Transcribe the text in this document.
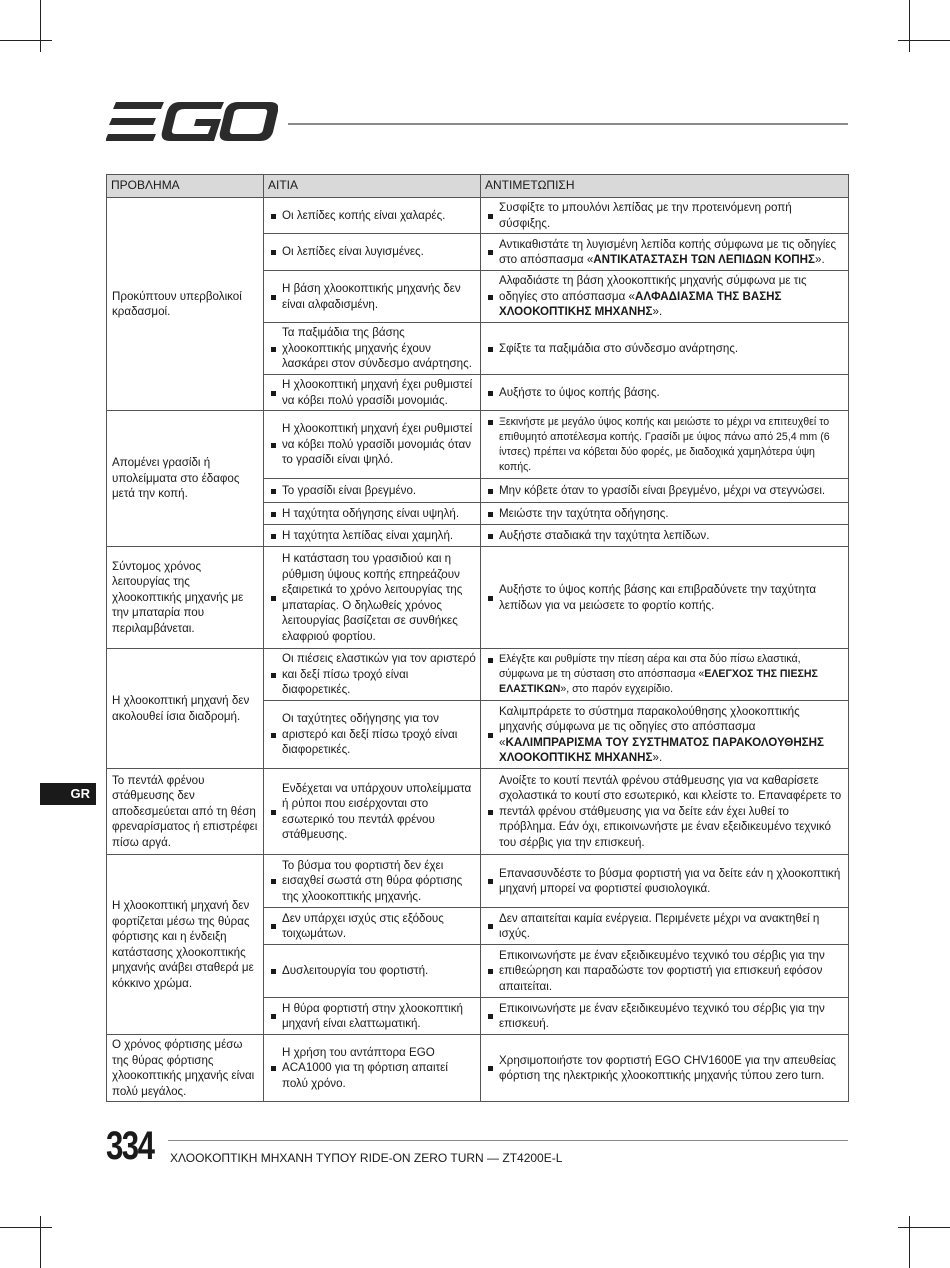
ΠΡΟΒΛΗΜΑ	ΑΙΤΙΑ	ΑΝΤΙΜΕΤΩΠΙΣΗ
Προκύπτουν υπερβολικοί κραδασμοί.	Οι λεπίδες κοπής είναι χαλαρές.	Συσφίξτε το μπουλόνι λεπίδας με την προτεινόμενη ροπή σύσφιξης.
	Οι λεπίδες είναι λυγισμένες.	Αντικαθιστάτε τη λυγισμένη λεπίδα κοπής σύμφωνα με τις οδηγίες στο απόσπασμα «ΑΝΤΙΚΑΤΑΣΤΑΣΗ ΤΩΝ ΛΕΠΙΔΩΝ ΚΟΠΗΣ».
	Η βάση χλοοκοπτικής μηχανής δεν είναι αλφαδισμένη.	Αλφαδιάστε τη βάση χλοοκοπτικής μηχανής σύμφωνα με τις οδηγίες στο απόσπασμα «ΑΛΦΑΔΙΑΣΜΑ ΤΗΣ ΒΑΣΗΣ ΧΛΟΟΚΟΠΤΙΚΗΣ ΜΗΧΑΝΗΣ».
	Τα παξιμάδια της βάσης χλοοκοπτικής μηχανής έχουν λασκάρει στον σύνδεσμο ανάρτησης.	Σφίξτε τα παξιμάδια στο σύνδεσμο ανάρτησης.
	Η χλοοκοπτική μηχανή έχει ρυθμιστεί να κόβει πολύ γρασίδι μονομιάς.	Αυξήστε το ύψος κοπής βάσης.
Απομένει γρασίδι ή υπολείμματα στο έδαφος μετά την κοπή.	Η χλοοκοπτική μηχανή έχει ρυθμιστεί να κόβει πολύ γρασίδι μονομιάς όταν το γρασίδι είναι ψηλό.	Ξεκινήστε με μεγάλο ύψος κοπής και μειώστε το μέχρι να επιτευχθεί το επιθυμητό αποτέλεσμα κοπής. Γρασίδι με ύψος πάνω από 25,4 mm (6 ίντσες) πρέπει να κόβεται δύο φορές, με διαδοχικά χαμηλότερα ύψη κοπής.
	Το γρασίδι είναι βρεγμένο.	Μην κόβετε όταν το γρασίδι είναι βρεγμένο, μέχρι να στεγνώσει.
	Η ταχύτητα οδήγησης είναι υψηλή.	Μειώστε την ταχύτητα οδήγησης.
	Η ταχύτητα λεπίδας είναι χαμηλή.	Αυξήστε σταδιακά την ταχύτητα λεπίδων.
Σύντομος χρόνος λειτουργίας της χλοοκοπτικής μηχανής με την μπαταρία που περιλαμβάνεται.	Η κατάσταση του γρασιδιού και η ρύθμιση ύψους κοπής επηρεάζουν εξαιρετικά το χρόνο λειτουργίας της μπαταρίας. Ο δηλωθείς χρόνος λειτουργίας βασίζεται σε συνθήκες ελαφριού φορτίου.	Αυξήστε το ύψος κοπής βάσης και επιβραδύνετε την ταχύτητα λεπίδων για να μειώσετε το φορτίο κοπής.
Η χλοοκοπτική μηχανή δεν ακολουθεί ίσια διαδρομή.	Οι πιέσεις ελαστικών για τον αριστερό και δεξί πίσω τροχό είναι διαφορετικές.	Ελέγξτε και ρυθμίστε την πίεση αέρα και στα δύο πίσω ελαστικά, σύμφωνα με τη σύσταση στο απόσπασμα «ΕΛΕΓΧΟΣ ΤΗΣ ΠΙΕΣΗΣ ΕΛΑΣΤΙΚΩΝ», στο παρόν εγχειρίδιο.
	Οι ταχύτητες οδήγησης για τον αριστερό και δεξί πίσω τροχό είναι διαφορετικές.	Καλιμπράρετε το σύστημα παρακολούθησης χλοοκοπτικής μηχανής σύμφωνα με τις οδηγίες στο απόσπασμα «ΚΑΛΙΜΠΡΑΡΙΣΜΑ ΤΟΥ ΣΥΣΤΗΜΑΤΟΣ ΠΑΡΑΚΟΛΟΥΘΗΣΗΣ ΧΛΟΟΚΟΠΤΙΚΗΣ ΜΗΧΑΝΗΣ».
Το πεντάλ φρένου στάθμευσης δεν αποδεσμεύεται από τη θέση φρεναρίσματος ή επιστρέφει πίσω αργά.	Ενδέχεται να υπάρχουν υπολείμματα ή ρύποι που εισέρχονται στο εσωτερικό του πεντάλ φρένου στάθμευσης.	Ανοίξτε το κουτί πεντάλ φρένου στάθμευσης για να καθαρίσετε σχολαστικά το κουτί στο εσωτερικό, και κλείστε το. Επαναφέρετε το πεντάλ φρένου στάθμευσης για να δείτε εάν έχει λυθεί το πρόβλημα. Εάν όχι, επικοινωνήστε με έναν εξειδικευμένο τεχνικό του σέρβις για την επισκευή.
Η χλοοκοπτική μηχανή δεν φορτίζεται μέσω της θύρας φόρτισης και η ένδειξη κατάστασης χλοοκοπτικής μηχανής ανάβει σταθερά με κόκκινο χρώμα.	Το βύσμα του φορτιστή δεν έχει εισαχθεί σωστά στη θύρα φόρτισης της χλοοκοπτικής μηχανής.	Επανασυνδέστε το βύσμα φορτιστή για να δείτε εάν η χλοοκοπτική μηχανή μπορεί να φορτιστεί φυσιολογικά.
	Δεν υπάρχει ισχύς στις εξόδους τοιχωμάτων.	Δεν απαιτείται καμία ενέργεια. Περιμένετε μέχρι να ανακτηθεί η ισχύς.
	Δυσλειτουργία του φορτιστή.	Επικοινωνήστε με έναν εξειδικευμένο τεχνικό του σέρβις για την επιθεώρηση και παραδώστε τον φορτιστή για επισκευή εφόσον απαιτείται.
	Η θύρα φορτιστή στην χλοοκοπτική μηχανή είναι ελαττωματική.	Επικοινωνήστε με έναν εξειδικευμένο τεχνικό του σέρβις για την επισκευή.
Ο χρόνος φόρτισης μέσω της θύρας φόρτισης χλοοκοπτικής μηχανής είναι πολύ μεγάλος.	Η χρήση του αντάπτορα EGO ACA1000 για τη φόρτιση απαιτεί πολύ χρόνο.	Χρησιμοποιήστε τον φορτιστή EGO CHV1600E για την απευθείας φόρτιση της ηλεκτρικής χλοοκοπτικής μηχανής τύπου zero turn.
GR
334 ΧΛΟΟΚΟΠΤΙΚΗ ΜΗΧΑΝΗ ΤΥΠΟΥ RIDE-ON ZERO TURN — ZT4200E-L
